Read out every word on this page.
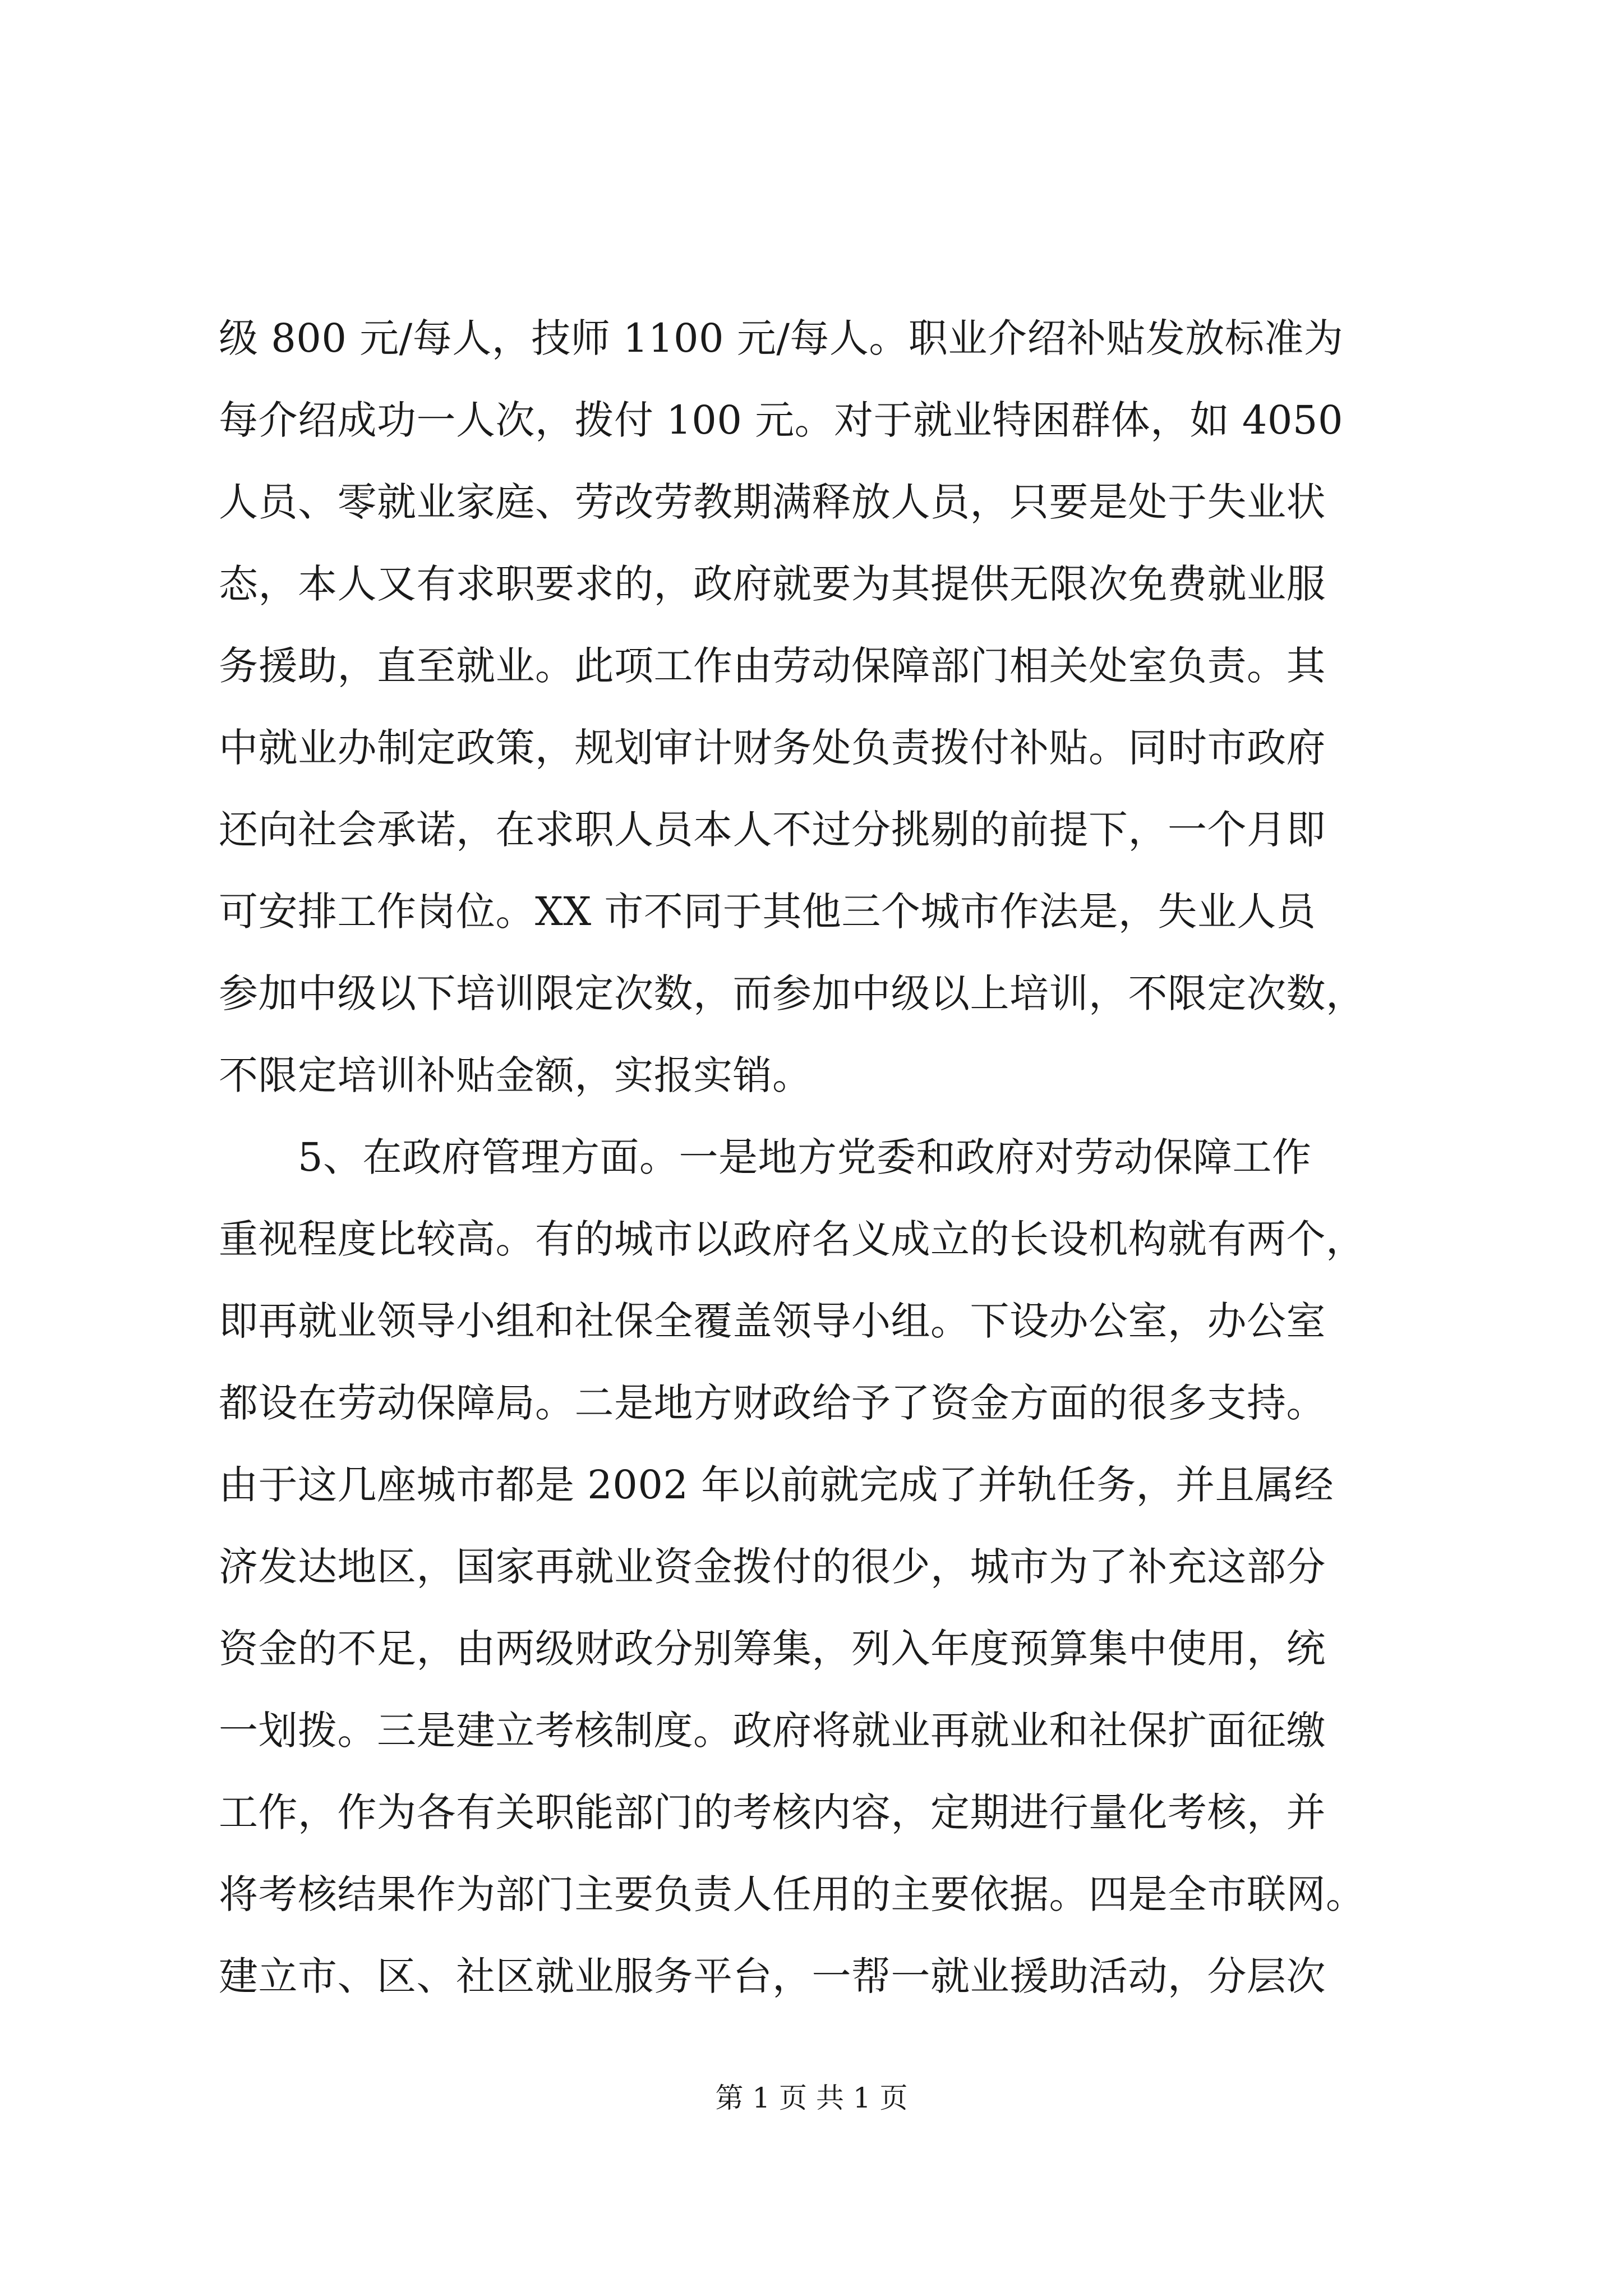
级 800 元/每人，技师 1100 元/每人。职业介绍补贴发放标准为
每介绍成功一人次，拨付 100 元。对于就业特困群体，如 4050
人员、零就业家庭、劳改劳教期满释放人员，只要是处于失业状
态，本人又有求职要求的，政府就要为其提供无限次免费就业服
务援助，直至就业。此项工作由劳动保障部门相关处室负责。其
中就业办制定政策，规划审计财务处负责拨付补贴。同时市政府
还向社会承诺，在求职人员本人不过分挑剔的前提下，一个月即
可安排工作岗位。XX 市不同于其他三个城市作法是，失业人员
参加中级以下培训限定次数，而参加中级以上培训，不限定次数，
不限定培训补贴金额，实报实销。
　　5、在政府管理方面。一是地方党委和政府对劳动保障工作
重视程度比较高。有的城市以政府名义成立的长设机构就有两个，
即再就业领导小组和社保全覆盖领导小组。下设办公室，办公室
都设在劳动保障局。二是地方财政给予了资金方面的很多支持。
由于这几座城市都是 2002 年以前就完成了并轨任务，并且属经
济发达地区，国家再就业资金拨付的很少，城市为了补充这部分
资金的不足，由两级财政分别筹集，列入年度预算集中使用，统
一划拨。三是建立考核制度。政府将就业再就业和社保扩面征缴
工作，作为各有关职能部门的考核内容，定期进行量化考核，并
将考核结果作为部门主要负责人任用的主要依据。四是全市联网。
建立市、区、社区就业服务平台，一帮一就业援助活动，分层次
第 1 页 共 1 页
